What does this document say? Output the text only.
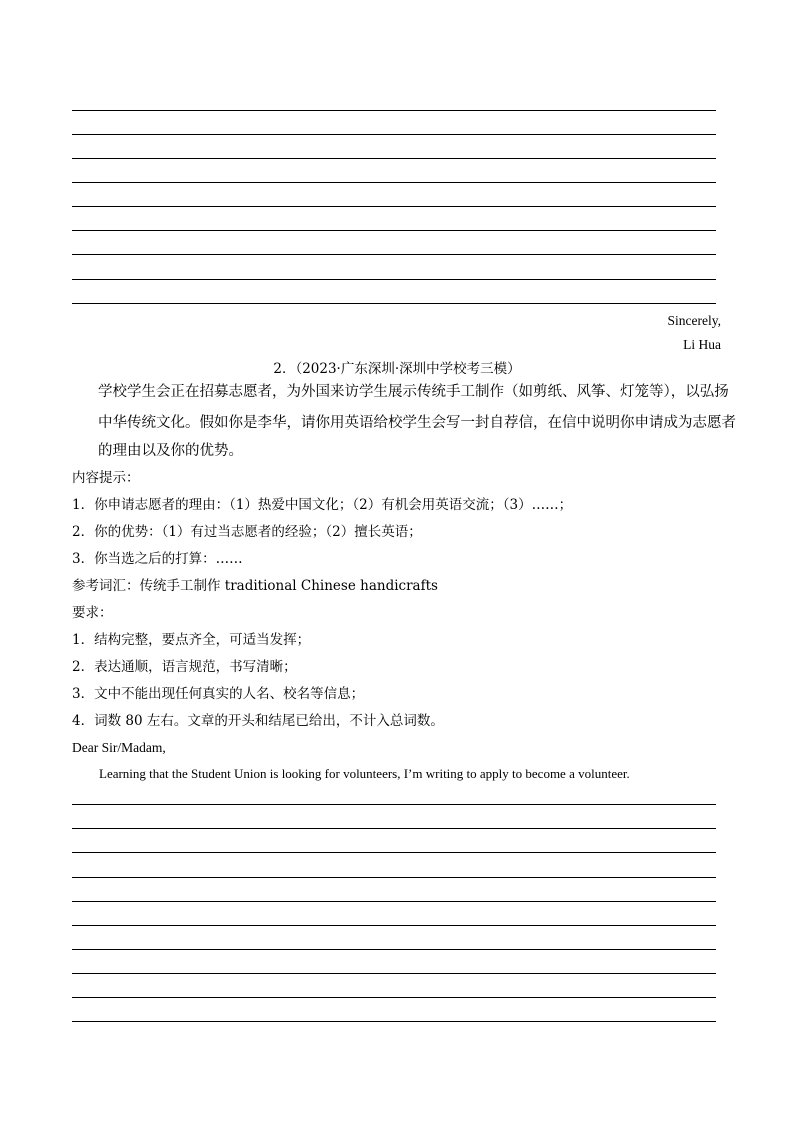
Sincerely,
Li Hua
2．（2023·广东深圳·深圳中学校考三模）
学校学生会正在招募志愿者，为外国来访学生展示传统手工制作（如剪纸、风筝、灯笼等），以弘扬
中华传统文化。假如你是李华，请你用英语给校学生会写一封自荐信，在信中说明你申请成为志愿者
的理由以及你的优势。
内容提示：
1．你申请志愿者的理由：（1）热爱中国文化；（2）有机会用英语交流；（3）……；
2．你的优势：（1）有过当志愿者的经验；（2）擅长英语；
3．你当选之后的打算：……
参考词汇：传统手工制作 traditional Chinese handicrafts
要求：
1．结构完整，要点齐全，可适当发挥；
2．表达通顺，语言规范，书写清晰；
3．文中不能出现任何真实的人名、校名等信息；
4．词数 80 左右。文章的开头和结尾已给出，不计入总词数。
Dear Sir/Madam,
Learning that the Student Union is looking for volunteers, I’m writing to apply to become a volunteer.
